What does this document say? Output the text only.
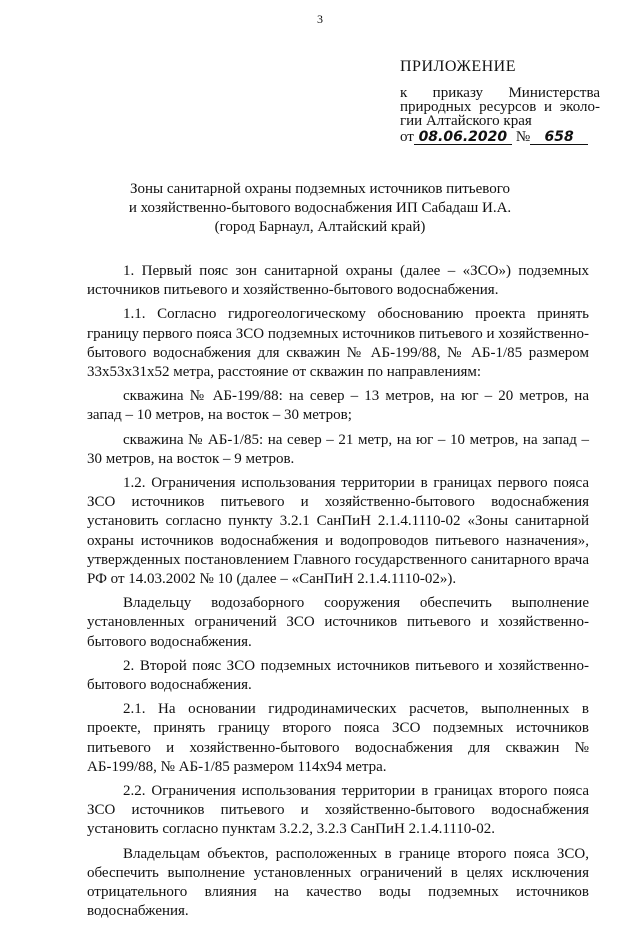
3
ПРИЛОЖЕНИЕ
к приказу Министерства
природных ресурсов и эколо-
гии Алтайского края
от 08.06.2020 №	658
Зоны санитарной охраны подземных источников питьевого
и хозяйственно-бытового водоснабжения ИП Сабадаш И.А.
(город Барнаул, Алтайский край)

1. Первый пояс зон санитарной охраны (далее – «ЗСО») подземных источников питьевого и хозяйственно-бытового водоснабжения.

1.1. Согласно гидрогеологическому обоснованию проекта принять границу первого пояса ЗСО подземных источников питьевого и хозяйственно-бытового водоснабжения для скважин № АБ-199/88, № АБ-1/85 размером 33х53х31х52 метра, расстояние от скважин по направлениям:

скважина № АБ-199/88: на север – 13 метров, на юг – 20 метров, на запад – 10 метров, на восток – 30 метров;

скважина № АБ-1/85: на север – 21 метр, на юг – 10 метров, на запад – 30 метров, на восток – 9 метров.

1.2. Ограничения использования территории в границах первого пояса ЗСО источников питьевого и хозяйственно-бытового водоснабжения установить согласно пункту 3.2.1 СанПиН 2.1.4.1110-02 «Зоны санитарной охраны источников водоснабжения и водопроводов питьевого назначения», утвержденных постановлением Главного государственного санитарного врача РФ от 14.03.2002 № 10 (далее – «СанПиН 2.1.4.1110-02»).

Владельцу водозаборного сооружения обеспечить выполнение установленных ограничений ЗСО источников питьевого и хозяйственно-бытового водоснабжения.

2. Второй пояс ЗСО подземных источников питьевого и хозяйственно-бытового водоснабжения.

2.1. На основании гидродинамических расчетов, выполненных в проекте, принять границу второго пояса ЗСО подземных источников питьевого и хозяйственно-бытового водоснабжения для скважин № АБ-199/88, № АБ-1/85 размером 114х94 метра.

2.2. Ограничения использования территории в границах второго пояса ЗСО источников питьевого и хозяйственно-бытового водоснабжения установить согласно пунктам 3.2.2, 3.2.3 СанПиН 2.1.4.1110-02.

Владельцам объектов, расположенных в границе второго пояса ЗСО, обеспечить выполнение установленных ограничений в целях исключения отрицательного влияния на качество воды подземных источников водоснабжения.
